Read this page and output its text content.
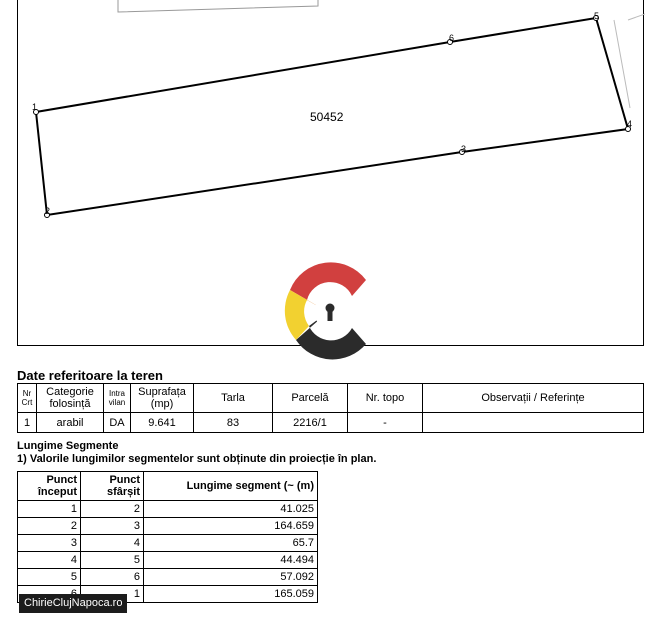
1
2
3
4
5
6
50452
Date referitoare la teren
Nr Crt	Categorie folosință	Intra vilan	Suprafața (mp)	Tarla	Parcelă	Nr. topo	Observații / Referințe
1	arabil	DA	9.641	83	2216/1	-	
Lungime Segmente
1) Valorile lungimilor segmentelor sunt obținute din proiecție în plan.
Punct început	Punct sfârșit	Lungime segment (~ (m)
1	2	41.025
2	3	164.659
3	4	65.7
4	5	44.494
5	6	57.092
	1	165.059
ChirieClujNapoca.ro
